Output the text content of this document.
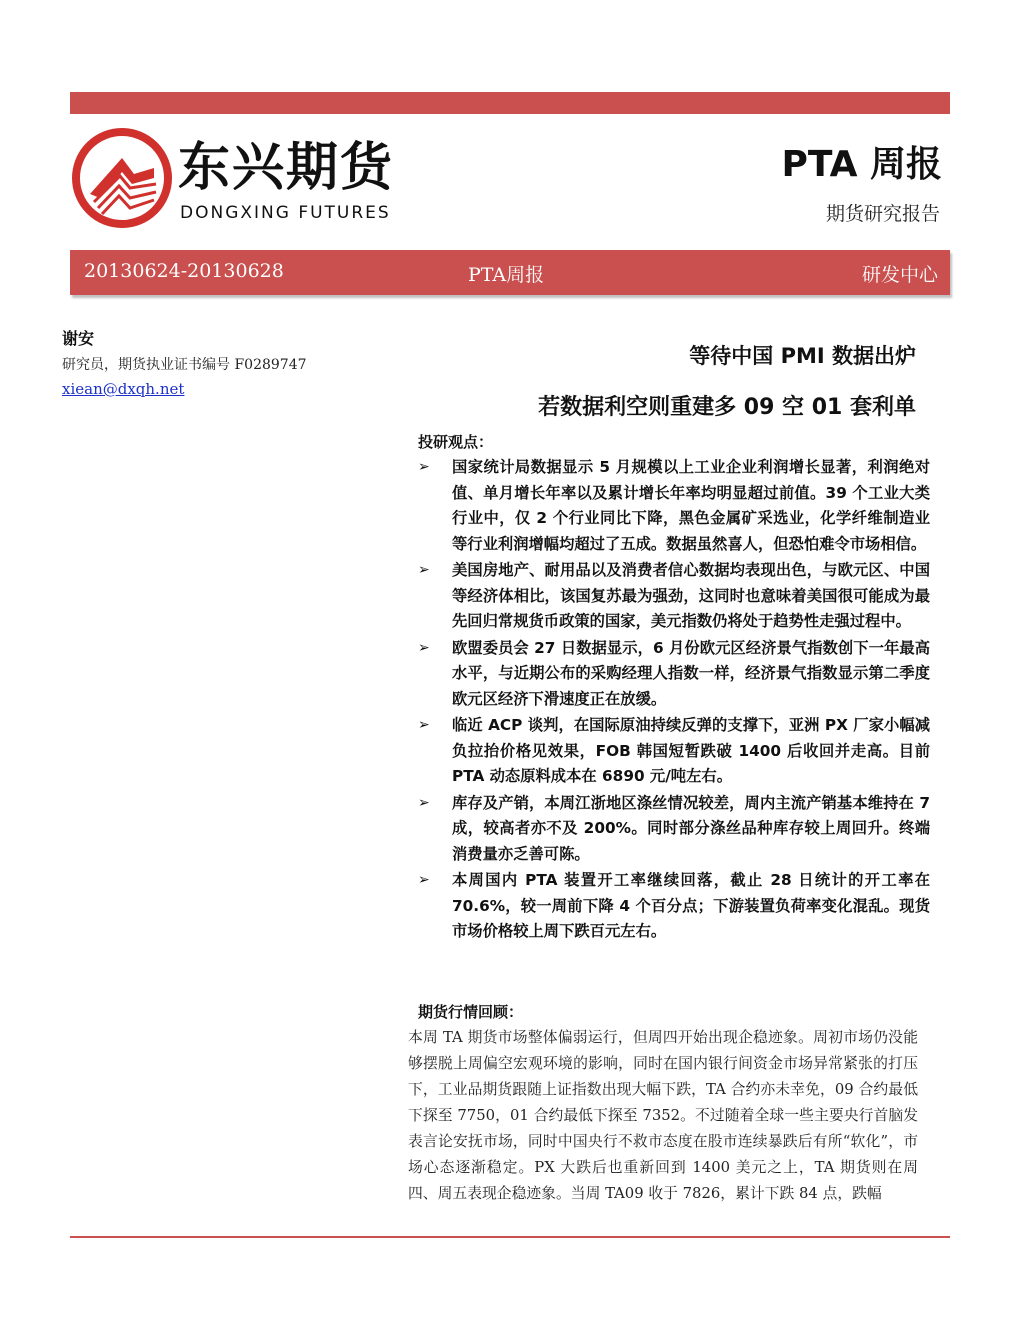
东兴期货
DONGXING FUTURES
PTA 周报
期货研究报告
20130624-20130628	PTA周报	研发中心
谢安
研究员，期货执业证书编号 F0289747
xiean@dxqh.net
等待中国 PMI 数据出炉
若数据利空则重建多 09 空 01 套利单
投研观点：
➢ 国家统计局数据显示 5 月规模以上工业企业利润增长显著，利润绝对值、单月增长年率以及累计增长年率均明显超过前值。39 个工业大类行业中，仅 2 个行业同比下降，黑色金属矿采选业，化学纤维制造业等行业利润增幅均超过了五成。数据虽然喜人，但恐怕难令市场相信。
➢ 美国房地产、耐用品以及消费者信心数据均表现出色，与欧元区、中国等经济体相比，该国复苏最为强劲，这同时也意味着美国很可能成为最先回归常规货币政策的国家，美元指数仍将处于趋势性走强过程中。
➢ 欧盟委员会 27 日数据显示，6 月份欧元区经济景气指数创下一年最高水平，与近期公布的采购经理人指数一样，经济景气指数显示第二季度欧元区经济下滑速度正在放缓。
➢ 临近 ACP 谈判，在国际原油持续反弹的支撑下，亚洲 PX 厂家小幅减负拉抬价格见效果，FOB 韩国短暂跌破 1400 后收回并走高。目前 PTA 动态原料成本在 6890 元/吨左右。
➢ 库存及产销，本周江浙地区涤丝情况较差，周内主流产销基本维持在 7 成，较高者亦不及 200%。同时部分涤丝品种库存较上周回升。终端消费量亦乏善可陈。
➢ 本周国内 PTA 装置开工率继续回落，截止 28 日统计的开工率在 70.6%，较一周前下降 4 个百分点；下游装置负荷率变化混乱。现货市场价格较上周下跌百元左右。
期货行情回顾：
本周 TA 期货市场整体偏弱运行，但周四开始出现企稳迹象。周初市场仍没能够摆脱上周偏空宏观环境的影响，同时在国内银行间资金市场异常紧张的打压下，工业品期货跟随上证指数出现大幅下跌，TA 合约亦未幸免，09 合约最低下探至 7750，01 合约最低下探至 7352。不过随着全球一些主要央行首脑发表言论安抚市场，同时中国央行不救市态度在股市连续暴跌后有所“软化”，市场心态逐渐稳定。PX 大跌后也重新回到 1400 美元之上，TA 期货则在周四、周五表现企稳迹象。当周 TA09 收于 7826，累计下跌 84 点，跌幅
